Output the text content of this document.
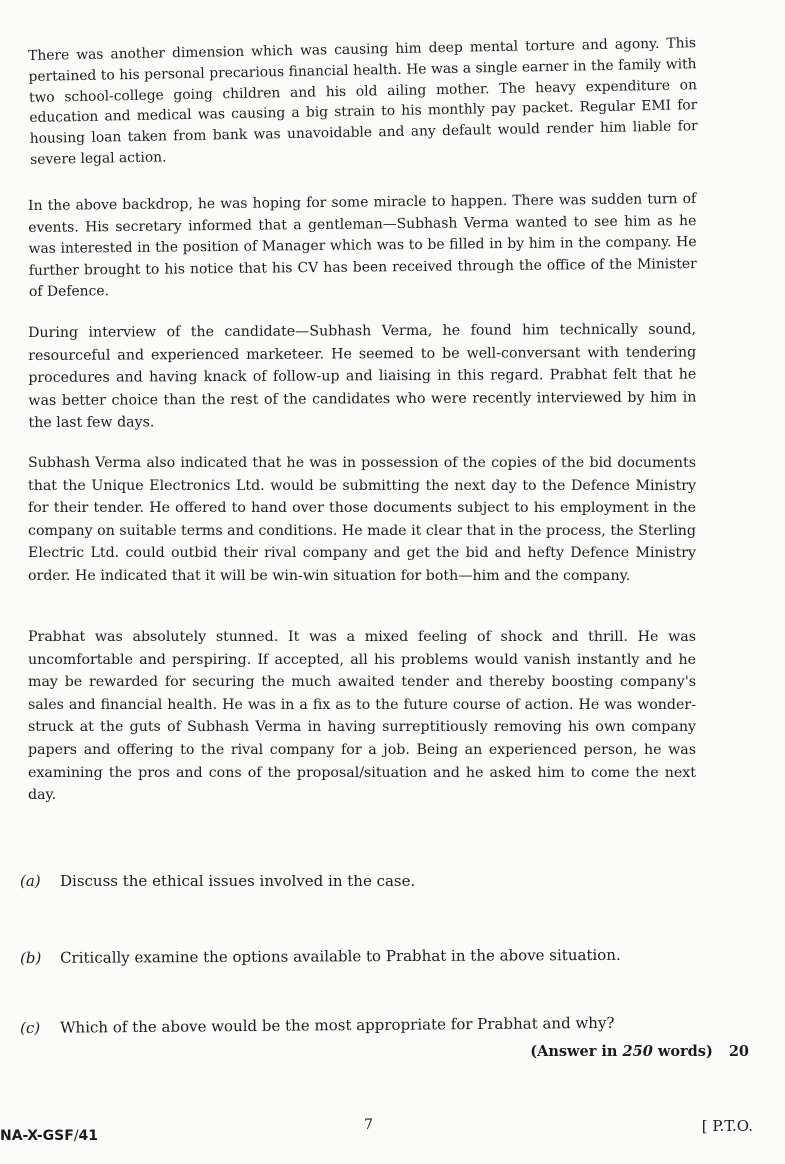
There was another dimension which was causing him deep mental torture and agony. This pertained to his personal precarious financial health. He was a single earner in the family with two school-college going children and his old ailing mother. The heavy expenditure on education and medical was causing a big strain to his monthly pay packet. Regular EMI for housing loan taken from bank was unavoidable and any default would render him liable for severe legal action.

In the above backdrop, he was hoping for some miracle to happen. There was sudden turn of events. His secretary informed that a gentleman—Subhash Verma wanted to see him as he was interested in the position of Manager which was to be filled in by him in the company. He further brought to his notice that his CV has been received through the office of the Minister of Defence.

During interview of the candidate—Subhash Verma, he found him technically sound, resourceful and experienced marketeer. He seemed to be well-conversant with tendering procedures and having knack of follow-up and liaising in this regard. Prabhat felt that he was better choice than the rest of the candidates who were recently interviewed by him in the last few days.

Subhash Verma also indicated that he was in possession of the copies of the bid documents that the Unique Electronics Ltd. would be submitting the next day to the Defence Ministry for their tender. He offered to hand over those documents subject to his employment in the company on suitable terms and conditions. He made it clear that in the process, the Sterling Electric Ltd. could outbid their rival company and get the bid and hefty Defence Ministry order. He indicated that it will be win-win situation for both—him and the company.

Prabhat was absolutely stunned. It was a mixed feeling of shock and thrill. He was uncomfortable and perspiring. If accepted, all his problems would vanish instantly and he may be rewarded for securing the much awaited tender and thereby boosting company's sales and financial health. He was in a fix as to the future course of action. He was wonder-struck at the guts of Subhash Verma in having surreptitiously removing his own company papers and offering to the rival company for a job. Being an experienced person, he was examining the pros and cons of the proposal/situation and he asked him to come the next day.

(a) Discuss the ethical issues involved in the case.
(b) Critically examine the options available to Prabhat in the above situation.
(c) Which of the above would be the most appropriate for Prabhat and why?
(Answer in 250 words) 20
NA-X-GSF/41
7	[ P.T.O.
